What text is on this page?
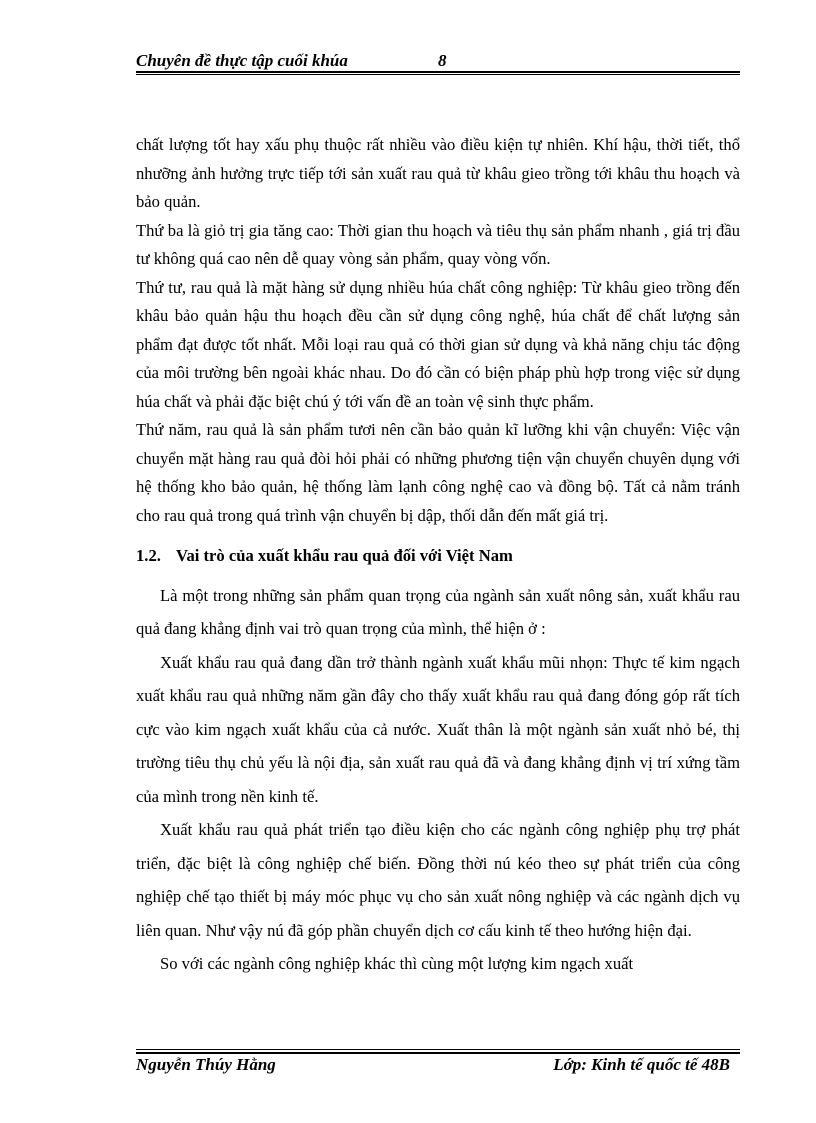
Chuyên đề thực tập cuối khúa	8

chất lượng tốt hay xấu phụ thuộc rất nhiều vào điều kiện tự nhiên. Khí hậu, thời tiết, thổ nhưỡng ảnh hưởng trực tiếp tới sản xuất rau quả từ khâu gieo trồng tới khâu thu hoạch và bảo quản.

Thứ ba là giỏ trị gia tăng cao: Thời gian thu hoạch và tiêu thụ sản phẩm nhanh , giá trị đầu tư không quá cao nên dễ quay vòng sản phẩm, quay vòng vốn.

Thứ tư, rau quả là mặt hàng sử dụng nhiều húa chất công nghiệp: Từ khâu gieo trồng đến khâu bảo quản hậu thu hoạch đều cần sử dụng công nghệ, húa chất để chất lượng sản phẩm đạt được tốt nhất. Mỗi loại rau quả có thời gian sử dụng và khả năng chịu tác động của môi trường bên ngoài khác nhau. Do đó cần có biện pháp phù hợp trong việc sử dụng húa chất và phải đặc biệt chú ý tới vấn đề an toàn vệ sinh thực phẩm.

Thứ năm, rau quả là sản phẩm tươi nên cần bảo quản kĩ lưỡng khi vận chuyển: Việc vận chuyển mặt hàng rau quả đòi hỏi phải có những phương tiện vận chuyển chuyên dụng với hệ thống kho bảo quản, hệ thống làm lạnh công nghệ cao và đồng bộ. Tất cả nằm tránh cho rau quả trong quá trình vận chuyển bị dập, thối dẫn đến mất giá trị.

1.2. Vai trò của xuất khẩu rau quả đối với Việt Nam

Là một trong những sản phẩm quan trọng của ngành sản xuất nông sản, xuất khẩu rau quả đang khẳng định vai trò quan trọng của mình, thể hiện ở :

Xuất khẩu rau quả đang dần trở thành ngành xuất khẩu mũi nhọn: Thực tế kim ngạch xuất khẩu rau quả những năm gần đây cho thấy xuất khẩu rau quả đang đóng góp rất tích cực vào kim ngạch xuất khẩu của cả nước. Xuất thân là một ngành sản xuất nhỏ bé, thị trường tiêu thụ chủ yếu là nội địa, sản xuất rau quả đã và đang khẳng định vị trí xứng tầm của mình trong nền kinh tế.

Xuất khẩu rau quả phát triển tạo điều kiện cho các ngành công nghiệp phụ trợ phát triển, đặc biệt là công nghiệp chế biến. Đồng thời nú kéo theo sự phát triển của công nghiệp chế tạo thiết bị máy móc phục vụ cho sản xuất nông nghiệp và các ngành dịch vụ liên quan. Như vậy nú đã góp phần chuyển dịch cơ cấu kinh tế theo hướng hiện đại.

So với các ngành công nghiệp khác thì cùng một lượng kim ngạch xuất

Nguyễn Thúy Hằng	Lớp: Kinh tế quốc tế 48B
